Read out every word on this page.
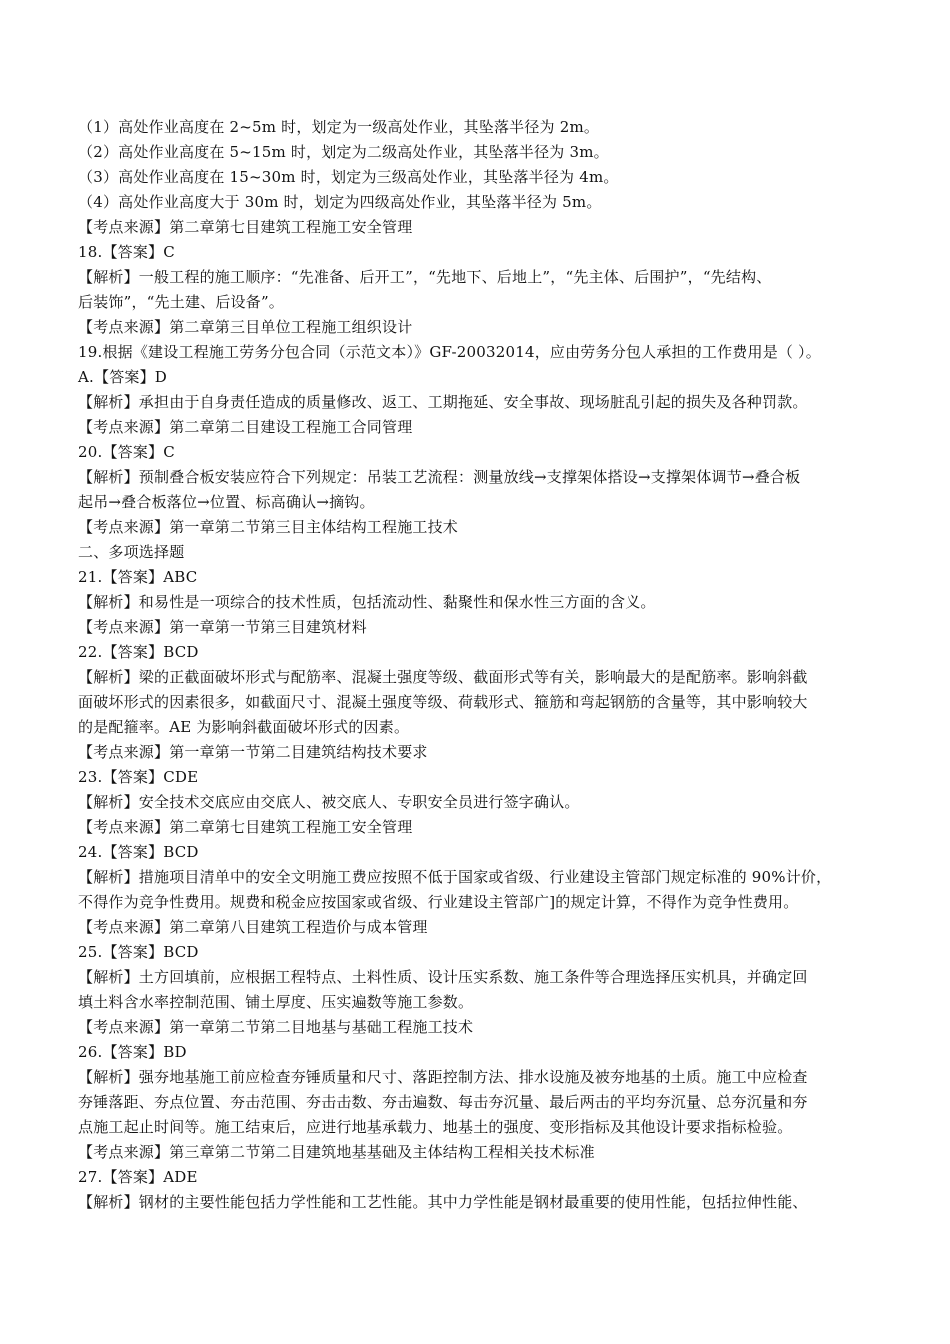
（1）高处作业高度在 2~5m 时，划定为一级高处作业，其坠落半径为 2m。
（2）高处作业高度在 5~15m 时，划定为二级高处作业，其坠落半径为 3m。
（3）高处作业高度在 15~30m 时，划定为三级高处作业，其坠落半径为 4m。
（4）高处作业高度大于 30m 时，划定为四级高处作业，其坠落半径为 5m。
【考点来源】第二章第七目建筑工程施工安全管理
18.【答案】C
【解析】一般工程的施工顺序：“先准备、后开工”，“先地下、后地上”，“先主体、后围护”，“先结构、
后装饰”，“先土建、后设备”。
【考点来源】第二章第三目单位工程施工组织设计
19.根据《建设工程施工劳务分包合同（示范文本）》GF-20032014，应由劳务分包人承担的工作费用是（ ）。
A.【答案】D
【解析】承担由于自身责任造成的质量修改、返工、工期拖延、安全事故、现场脏乱引起的损失及各种罚款。
【考点来源】第二章第二目建设工程施工合同管理
20.【答案】C
【解析】预制叠合板安装应符合下列规定：吊装工艺流程：测量放线→支撑架体搭设→支撑架体调节→叠合板
起吊→叠合板落位→位置、标高确认→摘钩。
【考点来源】第一章第二节第三目主体结构工程施工技术
二、多项选择题
21.【答案】ABC
【解析】和易性是一项综合的技术性质，包括流动性、黏聚性和保水性三方面的含义。
【考点来源】第一章第一节第三目建筑材料
22.【答案】BCD
【解析】梁的正截面破坏形式与配筋率、混凝土强度等级、截面形式等有关，影响最大的是配筋率。影响斜截
面破坏形式的因素很多，如截面尺寸、混凝土强度等级、荷载形式、箍筋和弯起钢筋的含量等，其中影响较大
的是配箍率。AE 为影响斜截面破坏形式的因素。
【考点来源】第一章第一节第二目建筑结构技术要求
23.【答案】CDE
【解析】安全技术交底应由交底人、被交底人、专职安全员进行签字确认。
【考点来源】第二章第七目建筑工程施工安全管理
24.【答案】BCD
【解析】措施项目清单中的安全文明施工费应按照不低于国家或省级、行业建设主管部门规定标准的 90%计价，
不得作为竞争性费用。规费和税金应按国家或省级、行业建设主管部广]的规定计算，不得作为竞争性费用。
【考点来源】第二章第八目建筑工程造价与成本管理
25.【答案】BCD
【解析】土方回填前，应根据工程特点、土料性质、设计压实系数、施工条件等合理选择压实机具，并确定回
填土料含水率控制范围、铺土厚度、压实遍数等施工参数。
【考点来源】第一章第二节第二目地基与基础工程施工技术
26.【答案】BD
【解析】强夯地基施工前应检查夯锤质量和尺寸、落距控制方法、排水设施及被夯地基的土质。施工中应检查
夯锤落距、夯点位置、夯击范围、夯击击数、夯击遍数、每击夯沉量、最后两击的平均夯沉量、总夯沉量和夯
点施工起止时间等。施工结束后，应进行地基承载力、地基土的强度、变形指标及其他设计要求指标检验。
【考点来源】第三章第二节第二目建筑地基基础及主体结构工程相关技术标准
27.【答案】ADE
【解析】钢材的主要性能包括力学性能和工艺性能。其中力学性能是钢材最重要的使用性能，包括拉伸性能、
